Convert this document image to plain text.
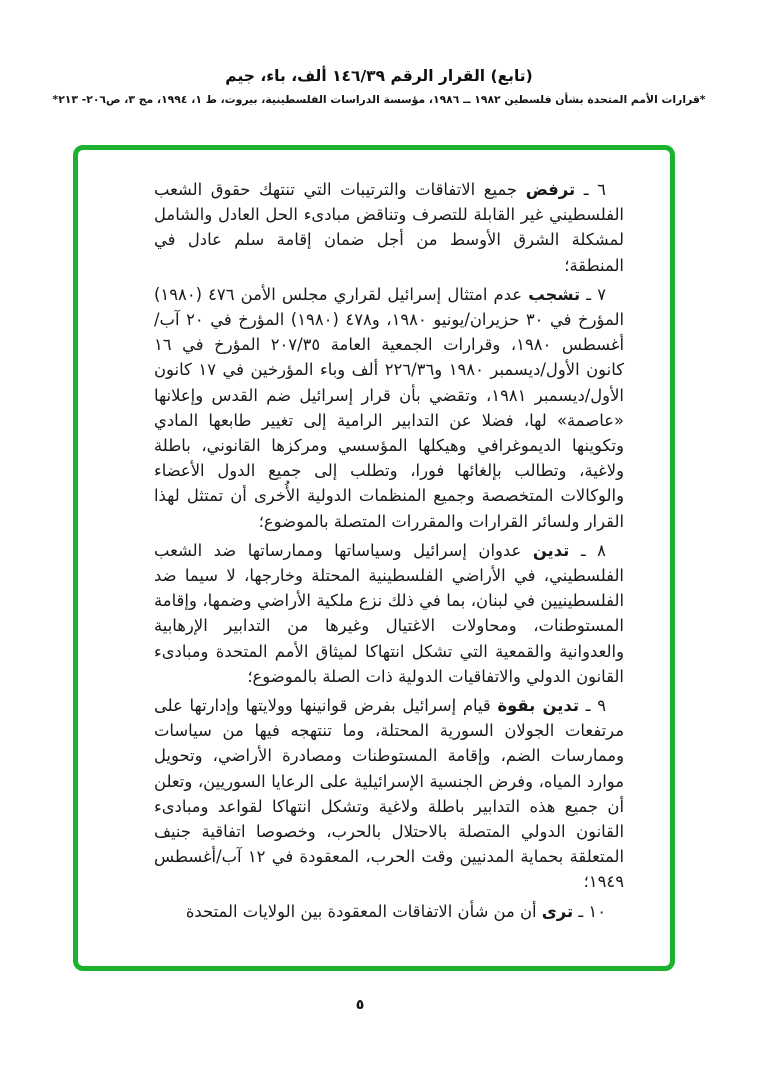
(تابع) القرار الرقم ١٤٦/٣٩ ألف، باء، جيم
*قرارات الأمم المتحدة بشأن فلسطين ١٩٨٢ ــ ١٩٨٦، مؤسسة الدراسات الفلسطينية، بيروت، ط ١، ١٩٩٤، مج ٣، ص٢٠٦- ٢١٣*

٦ ـ ترفض جميع الاتفاقات والترتيبات التي تنتهك حقوق الشعب الفلسطيني غير القابلة للتصرف وتناقض مبادىء الحل العادل والشامل لمشكلة الشرق الأوسط من أجل ضمان إقامة سلم عادل في المنطقة؛

٧ ـ تشجب عدم امتثال إسرائيل لقراري مجلس الأمن ٤٧٦ (١٩٨٠) المؤرخ في ٣٠ حزيران/يونيو ١٩٨٠، و٤٧٨ (١٩٨٠) المؤرخ في ٢٠ آب/أغسطس ١٩٨٠، وقرارات الجمعية العامة ٢٠٧/٣٥ المؤرخ في ١٦ كانون الأول/ديسمبر ١٩٨٠ و٢٢٦/٣٦ ألف وباء المؤرخين في ١٧ كانون الأول/ديسمبر ١٩٨١، وتقضي بأن قرار إسرائيل ضم القدس وإعلانها «عاصمة» لها، فضلا عن التدابير الرامية إلى تغيير طابعها المادي وتكوينها الديموغرافي وهيكلها المؤسسي ومركزها القانوني، باطلة ولاغية، وتطالب بإلغائها فورا، وتطلب إلى جميع الدول الأعضاء والوكالات المتخصصة وجميع المنظمات الدولية الأُخرى أن تمتثل لهذا القرار ولسائر القرارات والمقررات المتصلة بالموضوع؛

٨ ـ تدين عدوان إسرائيل وسياساتها وممارساتها ضد الشعب الفلسطيني، في الأراضي الفلسطينية المحتلة وخارجها، لا سيما ضد الفلسطينيين في لبنان، بما في ذلك نزع ملكية الأراضي وضمها، وإقامة المستوطنات، ومحاولات الاغتيال وغيرها من التدابير الإرهابية والعدوانية والقمعية التي تشكل انتهاكا لميثاق الأمم المتحدة ومبادىء القانون الدولي والاتفاقيات الدولية ذات الصلة بالموضوع؛

٩ ـ تدين بقوة قيام إسرائيل بفرض قوانينها وولايتها وإدارتها على مرتفعات الجولان السورية المحتلة، وما تنتهجه فيها من سياسات وممارسات الضم، وإقامة المستوطنات ومصادرة الأراضي، وتحويل موارد المياه، وفرض الجنسية الإسرائيلية على الرعايا السوريين، وتعلن أن جميع هذه التدابير باطلة ولاغية وتشكل انتهاكا لقواعد ومبادىء القانون الدولي المتصلة بالاحتلال بالحرب، وخصوصا اتفاقية جنيف المتعلقة بحماية المدنيين وقت الحرب، المعقودة في ١٢ آب/أغسطس ١٩٤٩؛

١٠ ـ ترى أن من شأن الاتفاقات المعقودة بين الولايات المتحدة

٥
